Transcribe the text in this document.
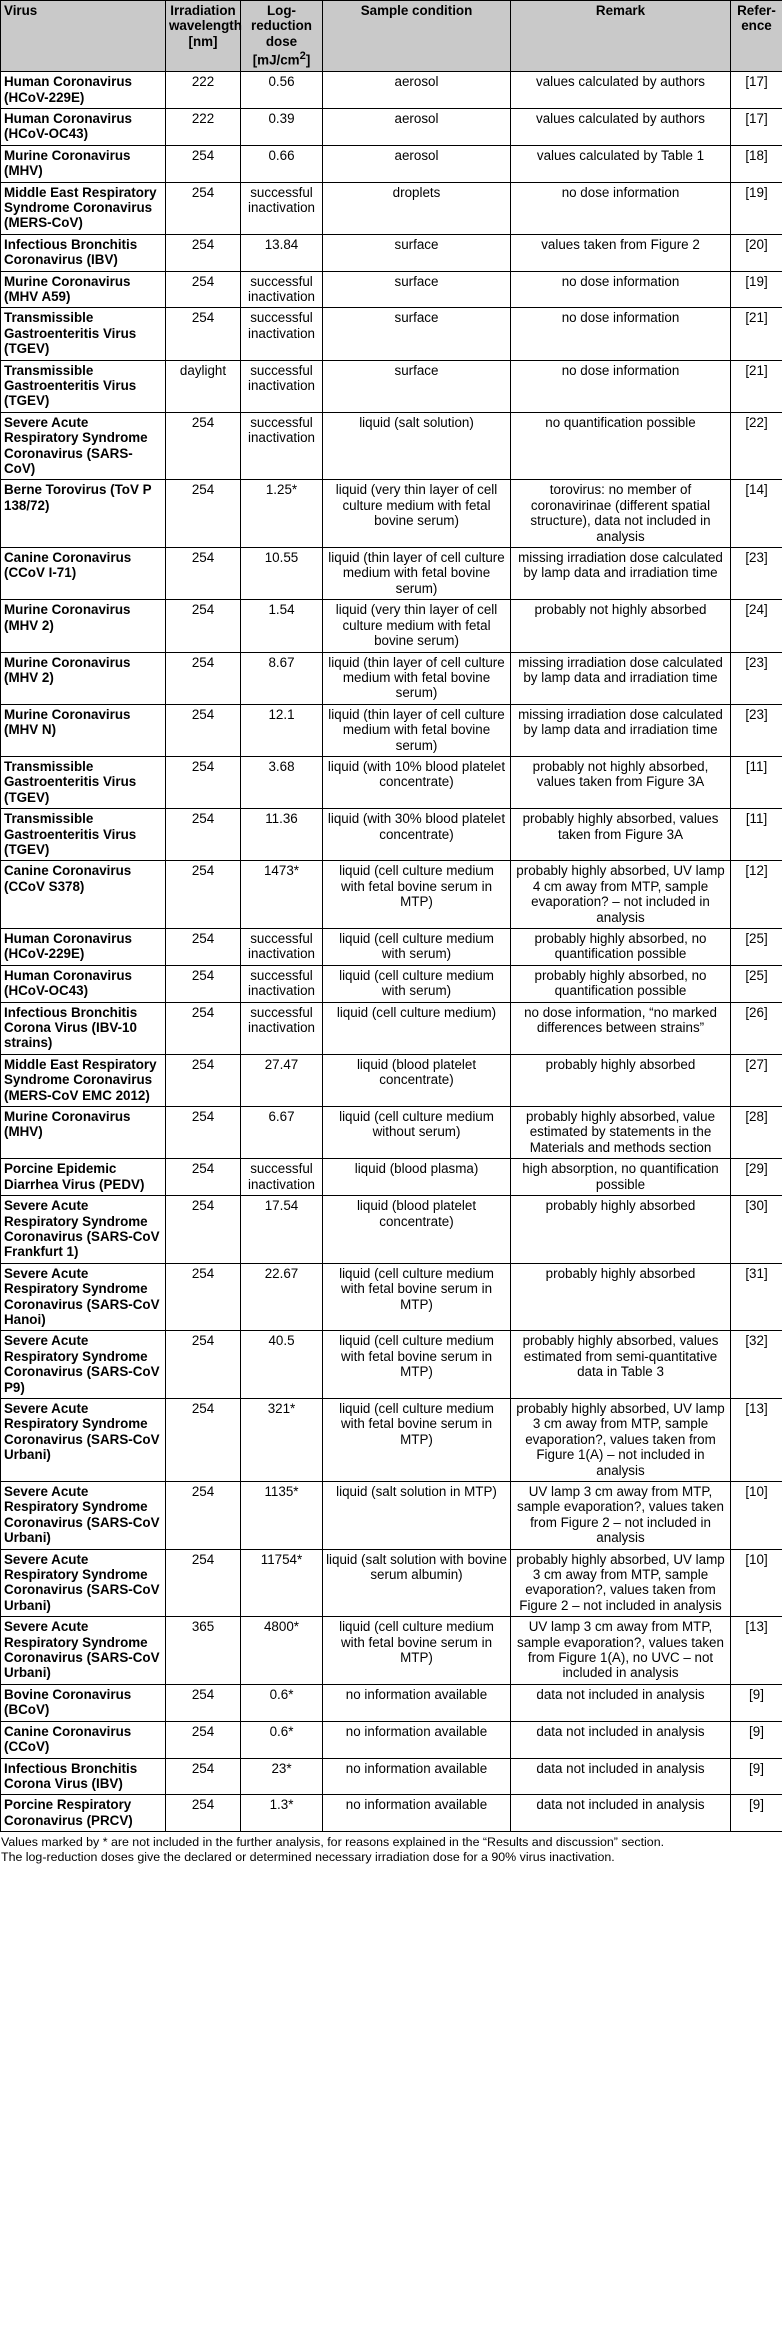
Virus	Irradiation wavelength [nm]	Log-reduction dose $[mJ/cm^2]$	Sample condition	Remark	Refer-ence
Human Coronavirus (HCoV-229E)	222	0.56	aerosol	values calculated by authors	[17]
Human Coronavirus (HCoV-OC43)	222	0.39	aerosol	values calculated by authors	[17]
Murine Coronavirus (MHV)	254	0.66	aerosol	values calculated by Table 1	[18]
Middle East Respiratory Syndrome Coronavirus (MERS-CoV)	254	successful inactivation	droplets	no dose information	[19]
Infectious Bronchitis Coronavirus (IBV)	254	13.84	surface	values taken from Figure 2	[20]
Murine Coronavirus (MHV A59)	254	successful inactivation	surface	no dose information	[19]
Transmissible Gastroenteritis Virus (TGEV)	254	successful inactivation	surface	no dose information	[21]
Transmissible Gastroenteritis Virus (TGEV)	daylight	successful inactivation	surface	no dose information	[21]
Severe Acute Respiratory Syndrome Coronavirus (SARS-CoV)	254	successful inactivation	liquid (salt solution)	no quantification possible	[22]
Berne Torovirus (ToV P 138/72)	254	1.25*	liquid (very thin layer of cell culture medium with fetal bovine serum)	torovirus: no member of coronavirinae (different spatial structure), data not included in analysis	[14]
Canine Coronavirus (CCoV I-71)	254	10.55	liquid (thin layer of cell culture medium with fetal bovine serum)	missing irradiation dose calculated by lamp data and irradiation time	[23]
Murine Coronavirus (MHV 2)	254	1.54	liquid (very thin layer of cell culture medium with fetal bovine serum)	probably not highly absorbed	[24]
Murine Coronavirus (MHV 2)	254	8.67	liquid (thin layer of cell culture medium with fetal bovine serum)	missing irradiation dose calculated by lamp data and irradiation time	[23]
Murine Coronavirus (MHV N)	254	12.1	liquid (thin layer of cell culture medium with fetal bovine serum)	missing irradiation dose calculated by lamp data and irradiation time	[23]
Transmissible Gastroenteritis Virus (TGEV)	254	3.68	liquid (with 10% blood platelet concentrate)	probably not highly absorbed, values taken from Figure 3A	[11]
Transmissible Gastroenteritis Virus (TGEV)	254	11.36	liquid (with 30% blood platelet concentrate)	probably highly absorbed, values taken from Figure 3A	[11]
Canine Coronavirus (CCoV S378)	254	1473*	liquid (cell culture medium with fetal bovine serum in MTP)	probably highly absorbed, UV lamp 4 cm away from MTP, sample evaporation? – not included in analysis	[12]
Human Coronavirus (HCoV-229E)	254	successful inactivation	liquid (cell culture medium with serum)	probably highly absorbed, no quantification possible	[25]
Human Coronavirus (HCoV-OC43)	254	successful inactivation	liquid (cell culture medium with serum)	probably highly absorbed, no quantification possible	[25]
Infectious Bronchitis Corona Virus (IBV-10 strains)	254	successful inactivation	liquid (cell culture medium)	no dose information, “no marked differences between strains”	[26]
Middle East Respiratory Syndrome Coronavirus (MERS-CoV EMC 2012)	254	27.47	liquid (blood platelet concentrate)	probably highly absorbed	[27]
Murine Coronavirus (MHV)	254	6.67	liquid (cell culture medium without serum)	probably highly absorbed, value estimated by statements in the Materials and methods section	[28]
Porcine Epidemic Diarrhea Virus (PEDV)	254	successful inactivation	liquid (blood plasma)	high absorption, no quantification possible	[29]
Severe Acute Respiratory Syndrome Coronavirus (SARS-CoV Frankfurt 1)	254	17.54	liquid (blood platelet concentrate)	probably highly absorbed	[30]
Severe Acute Respiratory Syndrome Coronavirus (SARS-CoV Hanoi)	254	22.67	liquid (cell culture medium with fetal bovine serum in MTP)	probably highly absorbed	[31]
Severe Acute Respiratory Syndrome Coronavirus (SARS-CoV P9)	254	40.5	liquid (cell culture medium with fetal bovine serum in MTP)	probably highly absorbed, values estimated from semi-quantitative data in Table 3	[32]
Severe Acute Respiratory Syndrome Coronavirus (SARS-CoV Urbani)	254	321*	liquid (cell culture medium with fetal bovine serum in MTP)	probably highly absorbed, UV lamp 3 cm away from MTP, sample evaporation?, values taken from Figure 1(A) – not included in analysis	[13]
Severe Acute Respiratory Syndrome Coronavirus (SARS-CoV Urbani)	254	1135*	liquid (salt solution in MTP)	UV lamp 3 cm away from MTP, sample evaporation?, values taken from Figure 2 – not included in analysis	[10]
Severe Acute Respiratory Syndrome Coronavirus (SARS-CoV Urbani)	254	11754*	liquid (salt solution with bovine serum albumin)	probably highly absorbed, UV lamp 3 cm away from MTP, sample evaporation?, values taken from Figure 2 – not included in analysis	[10]
Severe Acute Respiratory Syndrome Coronavirus (SARS-CoV Urbani)	365	4800*	liquid (cell culture medium with fetal bovine serum in MTP)	UV lamp 3 cm away from MTP, sample evaporation?, values taken from Figure 1(A), no UVC – not included in analysis	[13]
Bovine Coronavirus (BCoV)	254	0.6*	no information available	data not included in analysis	[9]
Canine Coronavirus (CCoV)	254	0.6*	no information available	data not included in analysis	[9]
Infectious Bronchitis Corona Virus (IBV)	254	23*	no information available	data not included in analysis	[9]
Porcine Respiratory Coronavirus (PRCV)	254	1.3*	no information available	data not included in analysis	[9]
Values marked by * are not included in the further analysis, for reasons explained in the “Results and discussion” section.
The log-reduction doses give the declared or determined necessary irradiation dose for a 90% virus inactivation.
